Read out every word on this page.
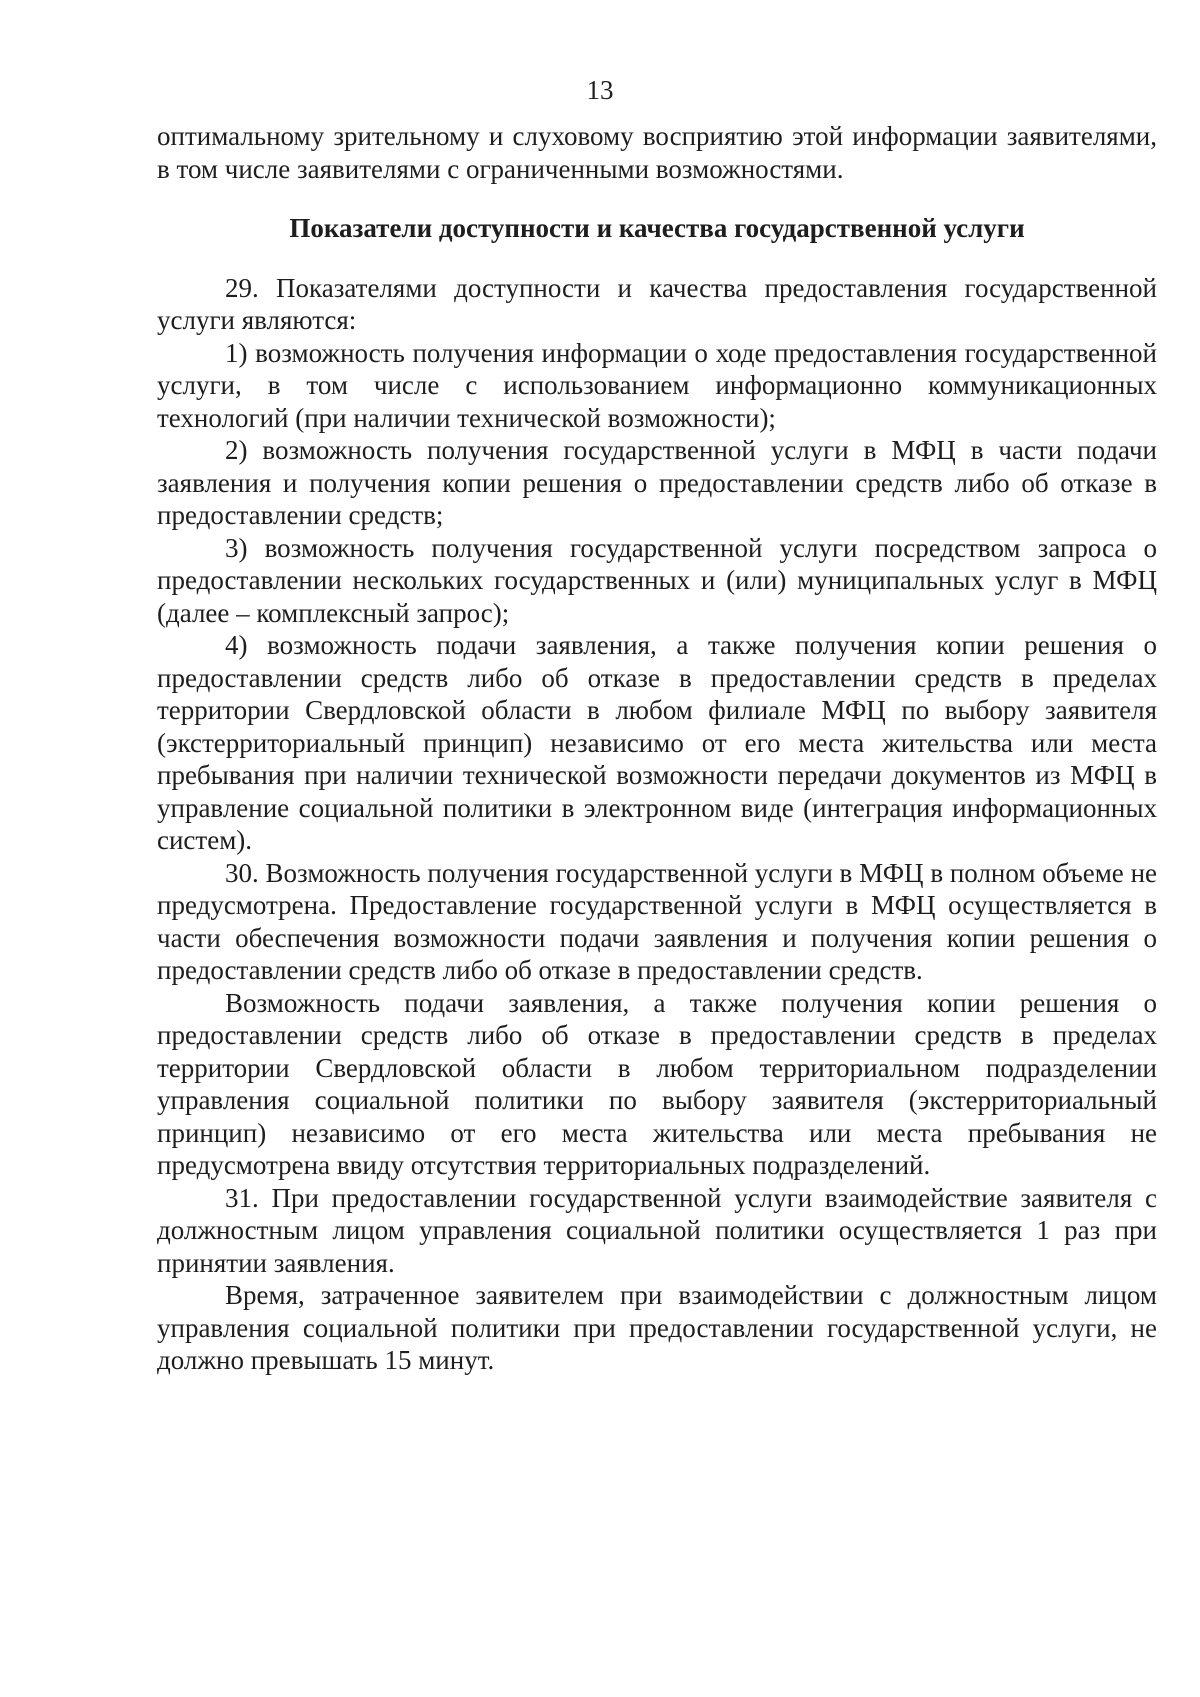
13

оптимальному зрительному и слуховому восприятию этой информации заявителями, в том числе заявителями с ограниченными возможностями.

Показатели доступности и качества государственной услуги

29. Показателями доступности и качества предоставления государственной услуги являются:

1) возможность получения информации о ходе предоставления государственной услуги, в том числе с использованием информационно коммуникационных технологий (при наличии технической возможности);

2) возможность получения государственной услуги в МФЦ в части подачи заявления и получения копии решения о предоставлении средств либо об отказе в предоставлении средств;

3) возможность получения государственной услуги посредством запроса о предоставлении нескольких государственных и (или) муниципальных услуг в МФЦ (далее – комплексный запрос);

4) возможность подачи заявления, а также получения копии решения о предоставлении средств либо об отказе в предоставлении средств в пределах территории Свердловской области в любом филиале МФЦ по выбору заявителя (экстерриториальный принцип) независимо от его места жительства или места пребывания при наличии технической возможности передачи документов из МФЦ в управление социальной политики в электронном виде (интеграция информационных систем).

30. Возможность получения государственной услуги в МФЦ в полном объеме не предусмотрена. Предоставление государственной услуги в МФЦ осуществляется в части обеспечения возможности подачи заявления и получения копии решения о предоставлении средств либо об отказе в предоставлении средств.

Возможность подачи заявления, а также получения копии решения о предоставлении средств либо об отказе в предоставлении средств в пределах территории Свердловской области в любом территориальном подразделении управления социальной политики по выбору заявителя (экстерриториальный принцип) независимо от его места жительства или места пребывания не предусмотрена ввиду отсутствия территориальных подразделений.

31. При предоставлении государственной услуги взаимодействие заявителя с должностным лицом управления социальной политики осуществляется 1 раз при принятии заявления.

Время, затраченное заявителем при взаимодействии с должностным лицом управления социальной политики при предоставлении государственной услуги, не должно превышать 15 минут.
